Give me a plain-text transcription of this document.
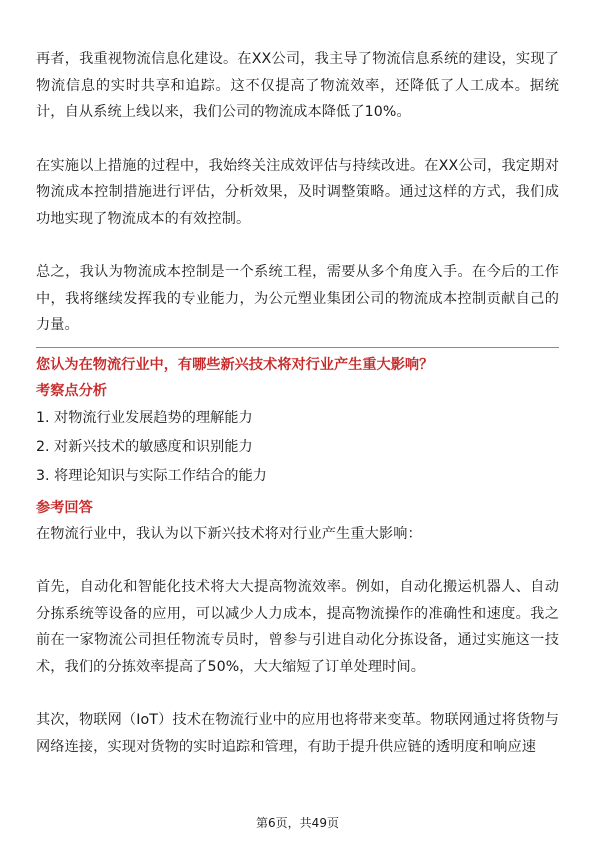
再者，我重视物流信息化建设。在XX公司，我主导了物流信息系统的建设，实现了物流信息的实时共享和追踪。这不仅提高了物流效率，还降低了人工成本。据统计，自从系统上线以来，我们公司的物流成本降低了10%。

在实施以上措施的过程中，我始终关注成效评估与持续改进。在XX公司，我定期对物流成本控制措施进行评估，分析效果，及时调整策略。通过这样的方式，我们成功地实现了物流成本的有效控制。

总之，我认为物流成本控制是一个系统工程，需要从多个角度入手。在今后的工作中，我将继续发挥我的专业能力，为公元塑业集团公司的物流成本控制贡献自己的力量。

您认为在物流行业中，有哪些新兴技术将对行业产生重大影响？

考察点分析

1. 对物流行业发展趋势的理解能力

2. 对新兴技术的敏感度和识别能力

3. 将理论知识与实际工作结合的能力

参考回答

在物流行业中，我认为以下新兴技术将对行业产生重大影响：

首先，自动化和智能化技术将大大提高物流效率。例如，自动化搬运机器人、自动分拣系统等设备的应用，可以减少人力成本，提高物流操作的准确性和速度。我之前在一家物流公司担任物流专员时，曾参与引进自动化分拣设备，通过实施这一技术，我们的分拣效率提高了50%，大大缩短了订单处理时间。

其次，物联网（IoT）技术在物流行业中的应用也将带来变革。物联网通过将货物与网络连接，实现对货物的实时追踪和管理，有助于提升供应链的透明度和响应速

第6页，共49页
